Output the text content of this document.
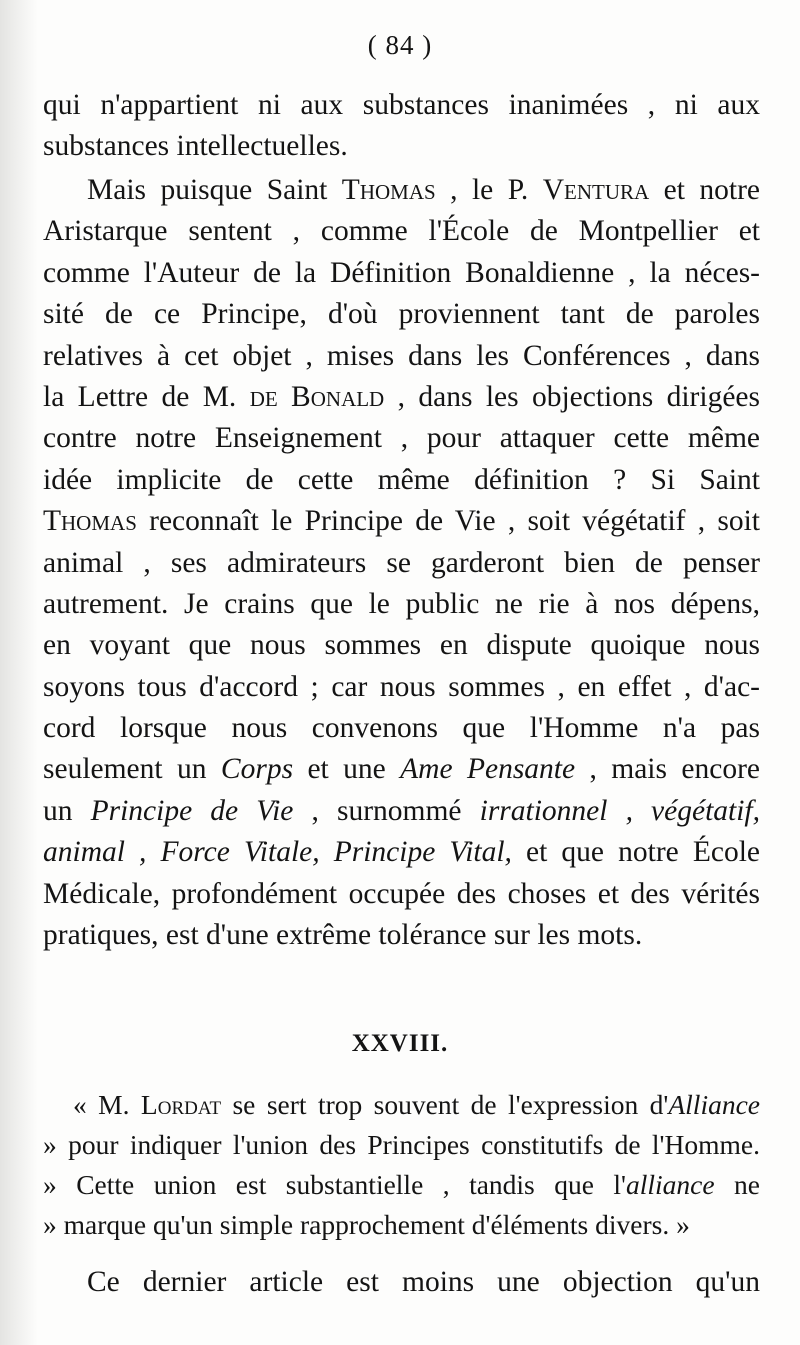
( 84 )
qui n'appartient ni aux substances inanimées , ni aux
substances intellectuelles.
Mais puisque Saint Thomas , le P. Ventura et notre
Aristarque sentent , comme l'École de Montpellier et
comme l'Auteur de la Définition Bonaldienne , la néces-
sité de ce Principe, d'où proviennent tant de paroles
relatives à cet objet , mises dans les Conférences , dans
la Lettre de M. de Bonald , dans les objections dirigées
contre notre Enseignement , pour attaquer cette même
idée implicite de cette même définition ? Si Saint
Thomas reconnaît le Principe de Vie , soit végétatif , soit
animal , ses admirateurs se garderont bien de penser
autrement. Je crains que le public ne rie à nos dépens,
en voyant que nous sommes en dispute quoique nous
soyons tous d'accord ; car nous sommes , en effet , d'ac-
cord lorsque nous convenons que l'Homme n'a pas
seulement un Corps et une Ame Pensante , mais encore
un Principe de Vie , surnommé irrationnel , végétatif,
animal , Force Vitale, Principe Vital, et que notre École
Médicale, profondément occupée des choses et des vérités
pratiques, est d'une extrême tolérance sur les mots.
XXVIII.
« M. Lordat se sert trop souvent de l'expression d'Alliance
» pour indiquer l'union des Principes constitutifs de l'Homme.
» Cette union est substantielle , tandis que l'alliance ne
» marque qu'un simple rapprochement d'éléments divers. »
Ce dernier article est moins une objection qu'un
